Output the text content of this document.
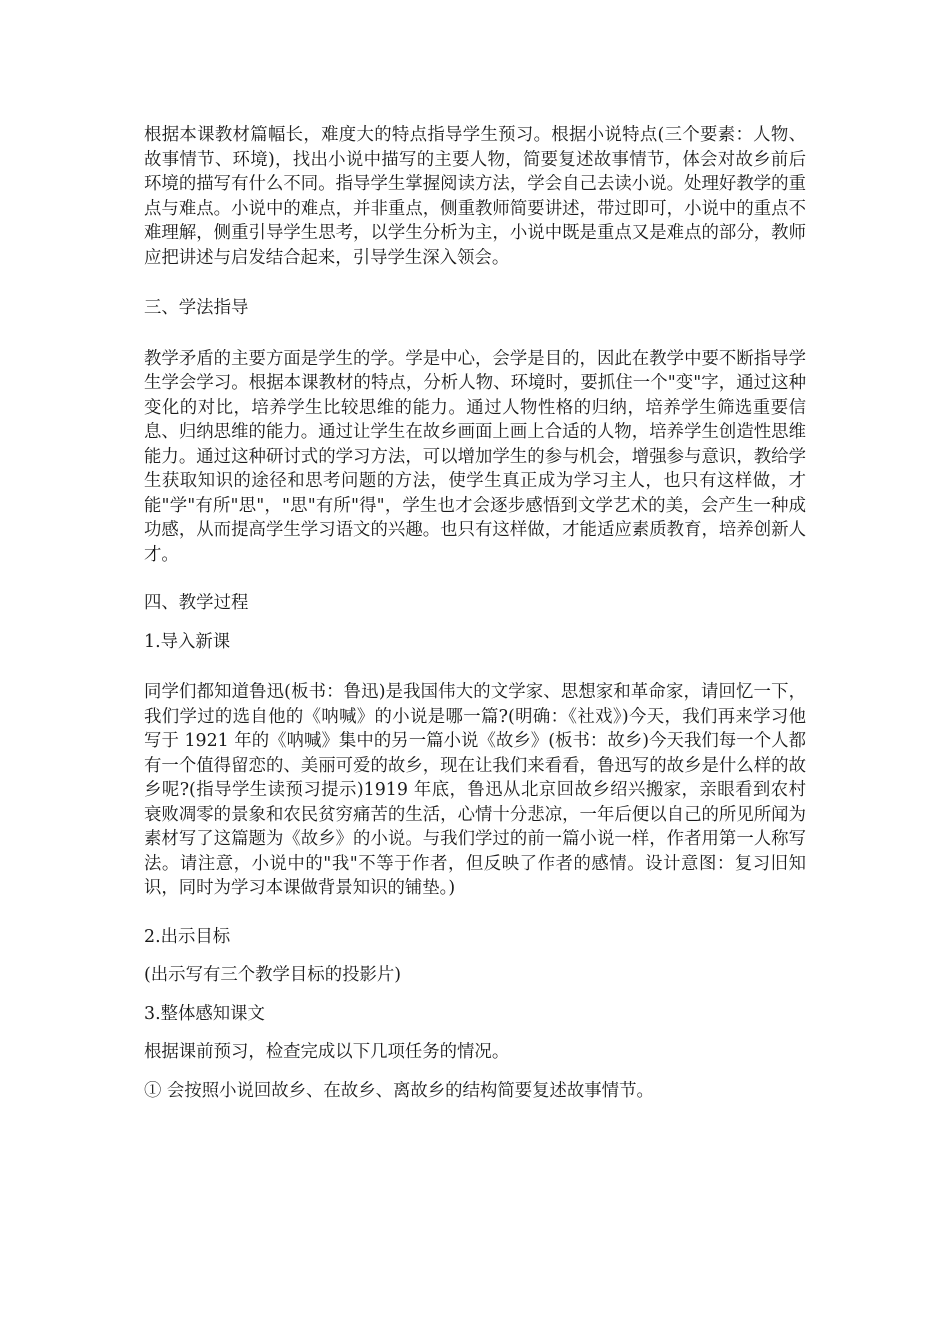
根据本课教材篇幅长，难度大的特点指导学生预习。根据小说特点(三个要素：人物、故事情节、环境)，找出小说中描写的主要人物，简要复述故事情节，体会对故乡前后环境的描写有什么不同。指导学生掌握阅读方法，学会自己去读小说。处理好教学的重点与难点。小说中的难点，并非重点，侧重教师简要讲述，带过即可，小说中的重点不难理解，侧重引导学生思考，以学生分析为主，小说中既是重点又是难点的部分，教师应把讲述与启发结合起来，引导学生深入领会。

三、学法指导

教学矛盾的主要方面是学生的学。学是中心，会学是目的，因此在教学中要不断指导学生学会学习。根据本课教材的特点，分析人物、环境时，要抓住一个"变"字，通过这种变化的对比，培养学生比较思维的能力。通过人物性格的归纳，培养学生筛选重要信息、归纳思维的能力。通过让学生在故乡画面上画上合适的人物，培养学生创造性思维能力。通过这种研讨式的学习方法，可以增加学生的参与机会，增强参与意识，教给学生获取知识的途径和思考问题的方法，使学生真正成为学习主人，也只有这样做，才能"学"有所"思"，"思"有所"得"，学生也才会逐步感悟到文学艺术的美，会产生一种成功感，从而提高学生学习语文的兴趣。也只有这样做，才能适应素质教育，培养创新人才。

四、教学过程

1.导入新课

同学们都知道鲁迅(板书：鲁迅)是我国伟大的文学家、思想家和革命家，请回忆一下，我们学过的选自他的《呐喊》的小说是哪一篇?(明确：《社戏》)今天，我们再来学习他写于 1921 年的《呐喊》集中的另一篇小说《故乡》(板书：故乡)今天我们每一个人都有一个值得留恋的、美丽可爱的故乡，现在让我们来看看，鲁迅写的故乡是什么样的故乡呢?(指导学生读预习提示)1919 年底，鲁迅从北京回故乡绍兴搬家，亲眼看到农村衰败凋零的景象和农民贫穷痛苦的生活，心情十分悲凉，一年后便以自己的所见所闻为素材写了这篇题为《故乡》的小说。与我们学过的前一篇小说一样，作者用第一人称写法。请注意，小说中的"我"不等于作者，但反映了作者的感情。设计意图：复习旧知识，同时为学习本课做背景知识的铺垫。)

2.出示目标

(出示写有三个教学目标的投影片)

3.整体感知课文

根据课前预习，检查完成以下几项任务的情况。

① 会按照小说回故乡、在故乡、离故乡的结构简要复述故事情节。
